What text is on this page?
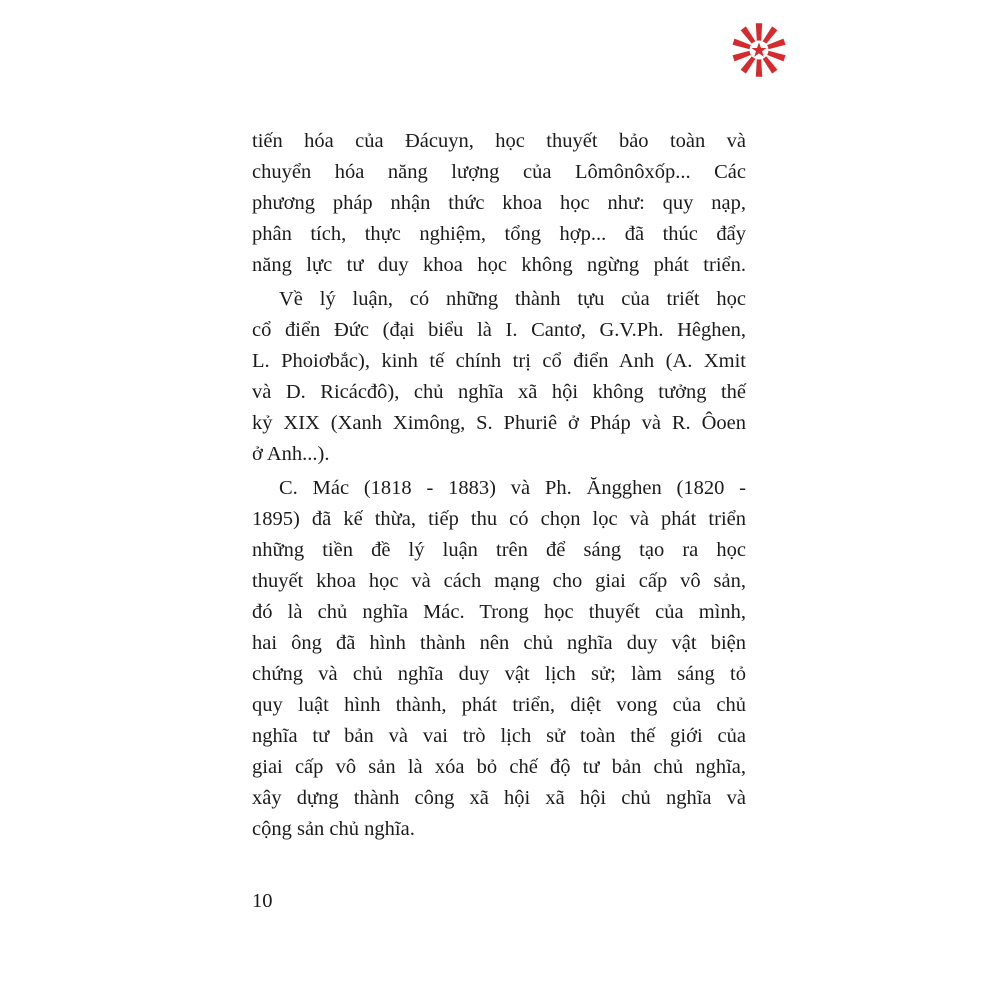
tiến hóa của Đácuyn, học thuyết bảo toàn và
chuyển hóa năng lượng của Lômônôxốp... Các
phương pháp nhận thức khoa học như: quy nạp,
phân tích, thực nghiệm, tổng hợp... đã thúc đẩy
năng lực tư duy khoa học không ngừng phát triển.
Về lý luận, có những thành tựu của triết học
cổ điển Đức (đại biểu là I. Cantơ, G.V.Ph. Hêghen,
L. Phoiơbắc), kinh tế chính trị cổ điển Anh (A. Xmit
và D. Ricácđô), chủ nghĩa xã hội không tưởng thế
kỷ XIX (Xanh Ximông, S. Phuriê ở Pháp và R. Ôoen
ở Anh...).
C. Mác (1818 - 1883) và Ph. Ăngghen (1820 -
1895) đã kế thừa, tiếp thu có chọn lọc và phát triển
những tiền đề lý luận trên để sáng tạo ra học
thuyết khoa học và cách mạng cho giai cấp vô sản,
đó là chủ nghĩa Mác. Trong học thuyết của mình,
hai ông đã hình thành nên chủ nghĩa duy vật biện
chứng và chủ nghĩa duy vật lịch sử; làm sáng tỏ
quy luật hình thành, phát triển, diệt vong của chủ
nghĩa tư bản và vai trò lịch sử toàn thế giới của
giai cấp vô sản là xóa bỏ chế độ tư bản chủ nghĩa,
xây dựng thành công xã hội xã hội chủ nghĩa và
cộng sản chủ nghĩa.
10
